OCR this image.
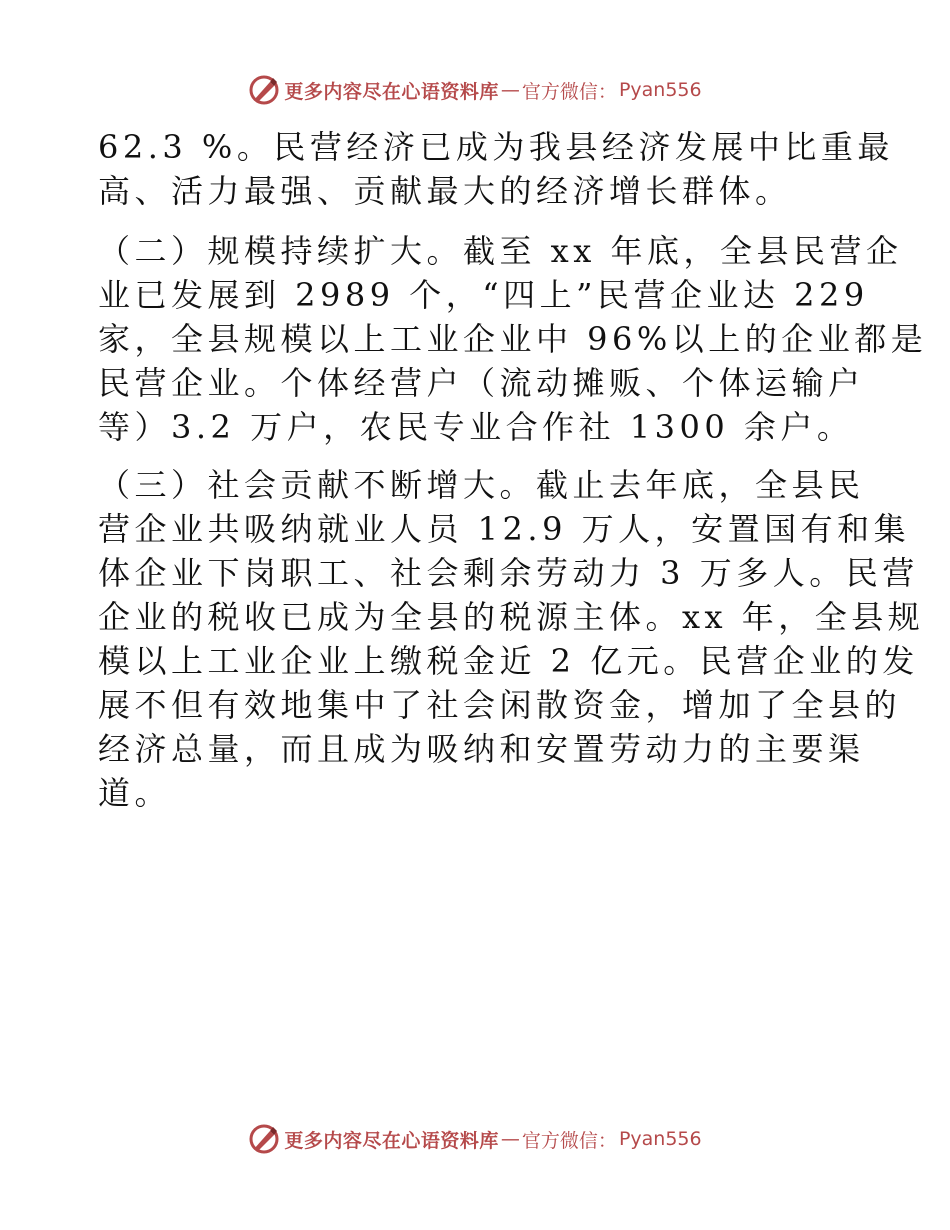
更多内容尽在心语资料库 — 官方微信： Pyan556

62.3 %。民营经济已成为我县经济发展中比重最

高、活力最强、贡献最大的经济增长群体。

（二）规模持续扩大。截至 xx 年底，全县民营企

业已发展到 2989 个，“四上”民营企业达 229

家，全县规模以上工业企业中 96%以上的企业都是

民营企业。个体经营户（流动摊贩、个体运输户

等）3.2 万户，农民专业合作社 1300 余户。

（三）社会贡献不断增大。截止去年底，全县民

营企业共吸纳就业人员 12.9 万人，安置国有和集

体企业下岗职工、社会剩余劳动力 3 万多人。民营

企业的税收已成为全县的税源主体。xx 年，全县规

模以上工业企业上缴税金近 2 亿元。民营企业的发

展不但有效地集中了社会闲散资金，增加了全县的

经济总量，而且成为吸纳和安置劳动力的主要渠

道。

更多内容尽在心语资料库 — 官方微信： Pyan556
